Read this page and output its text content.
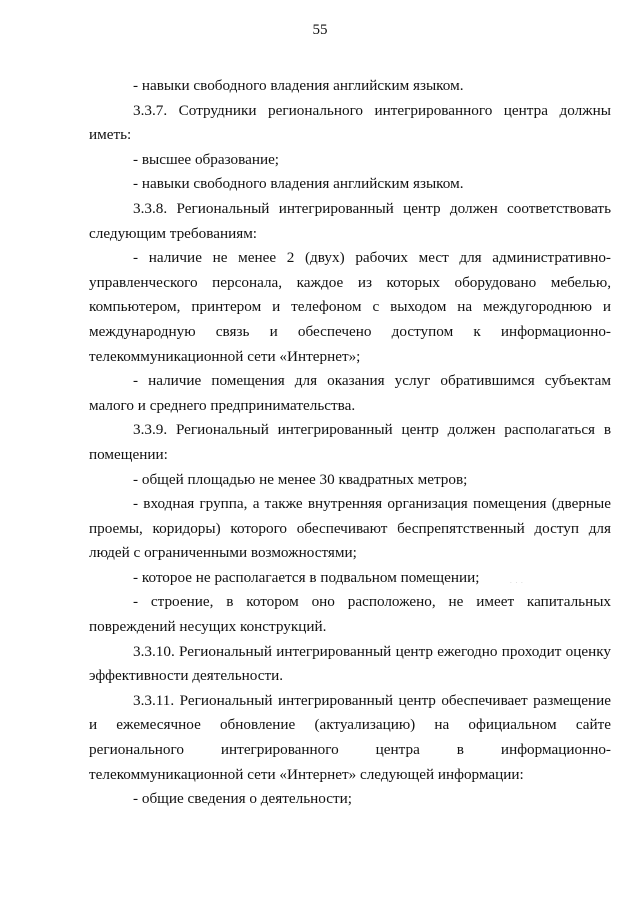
55

- навыки свободного владения английским языком.

3.3.7. Сотрудники регионального интегрированного центра должны иметь:

- высшее образование;

- навыки свободного владения английским языком.

3.3.8. Региональный интегрированный центр должен соответствовать следующим требованиям:

- наличие не менее 2 (двух) рабочих мест для административно-управленческого персонала, каждое из которых оборудовано мебелью, компьютером, принтером и телефоном с выходом на междугороднюю и международную связь и обеспечено доступом к информационно-телекоммуникационной сети «Интернет»;

- наличие помещения для оказания услуг обратившимся субъектам малого и среднего предпринимательства.

3.3.9. Региональный интегрированный центр должен располагаться в помещении:

- общей площадью не менее 30 квадратных метров;

- входная группа, а также внутренняя организация помещения (дверные проемы, коридоры) которого обеспечивают беспрепятственный доступ для людей с ограниченными возможностями;

- которое не располагается в подвальном помещении;

- строение, в котором оно расположено, не имеет капитальных повреждений несущих конструкций.

3.3.10. Региональный интегрированный центр ежегодно проходит оценку эффективности деятельности.

3.3.11. Региональный интегрированный центр обеспечивает размещение и ежемесячное обновление (актуализацию) на официальном сайте регионального интегрированного центра в информационно-телекоммуникационной сети «Интернет» следующей информации:

- общие сведения о деятельности;

. . .
